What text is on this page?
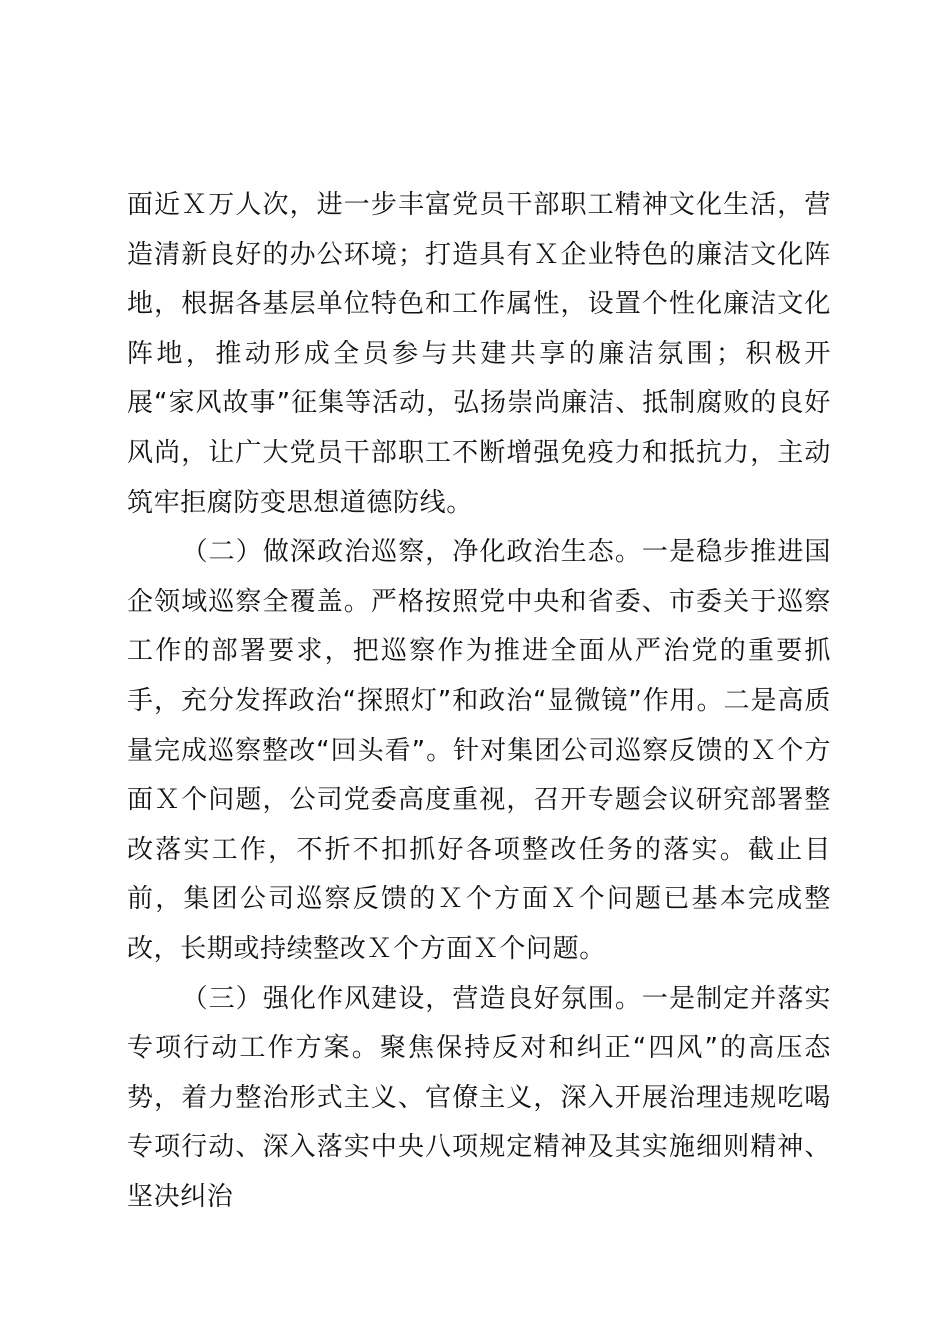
面近Ｘ万人次，进一步丰富党员干部职工精神文化生活，营造清新良好的办公环境；打造具有Ｘ企业特色的廉洁文化阵地，根据各基层单位特色和工作属性，设置个性化廉洁文化阵地，推动形成全员参与共建共享的廉洁氛围；积极开展“家风故事”征集等活动，弘扬崇尚廉洁、抵制腐败的良好风尚，让广大党员干部职工不断增强免疫力和抵抗力，主动筑牢拒腐防变思想道德防线。

（二）做深政治巡察，净化政治生态。一是稳步推进国企领域巡察全覆盖。严格按照党中央和省委、市委关于巡察工作的部署要求，把巡察作为推进全面从严治党的重要抓手，充分发挥政治“探照灯”和政治“显微镜”作用。二是高质量完成巡察整改“回头看”。针对集团公司巡察反馈的Ｘ个方面Ｘ个问题，公司党委高度重视，召开专题会议研究部署整改落实工作，不折不扣抓好各项整改任务的落实。截止目前，集团公司巡察反馈的Ｘ个方面Ｘ个问题已基本完成整改，长期或持续整改Ｘ个方面Ｘ个问题。

（三）强化作风建设，营造良好氛围。一是制定并落实专项行动工作方案。聚焦保持反对和纠正“四风”的高压态势，着力整治形式主义、官僚主义，深入开展治理违规吃喝专项行动、深入落实中央八项规定精神及其实施细则精神、坚决纠治
